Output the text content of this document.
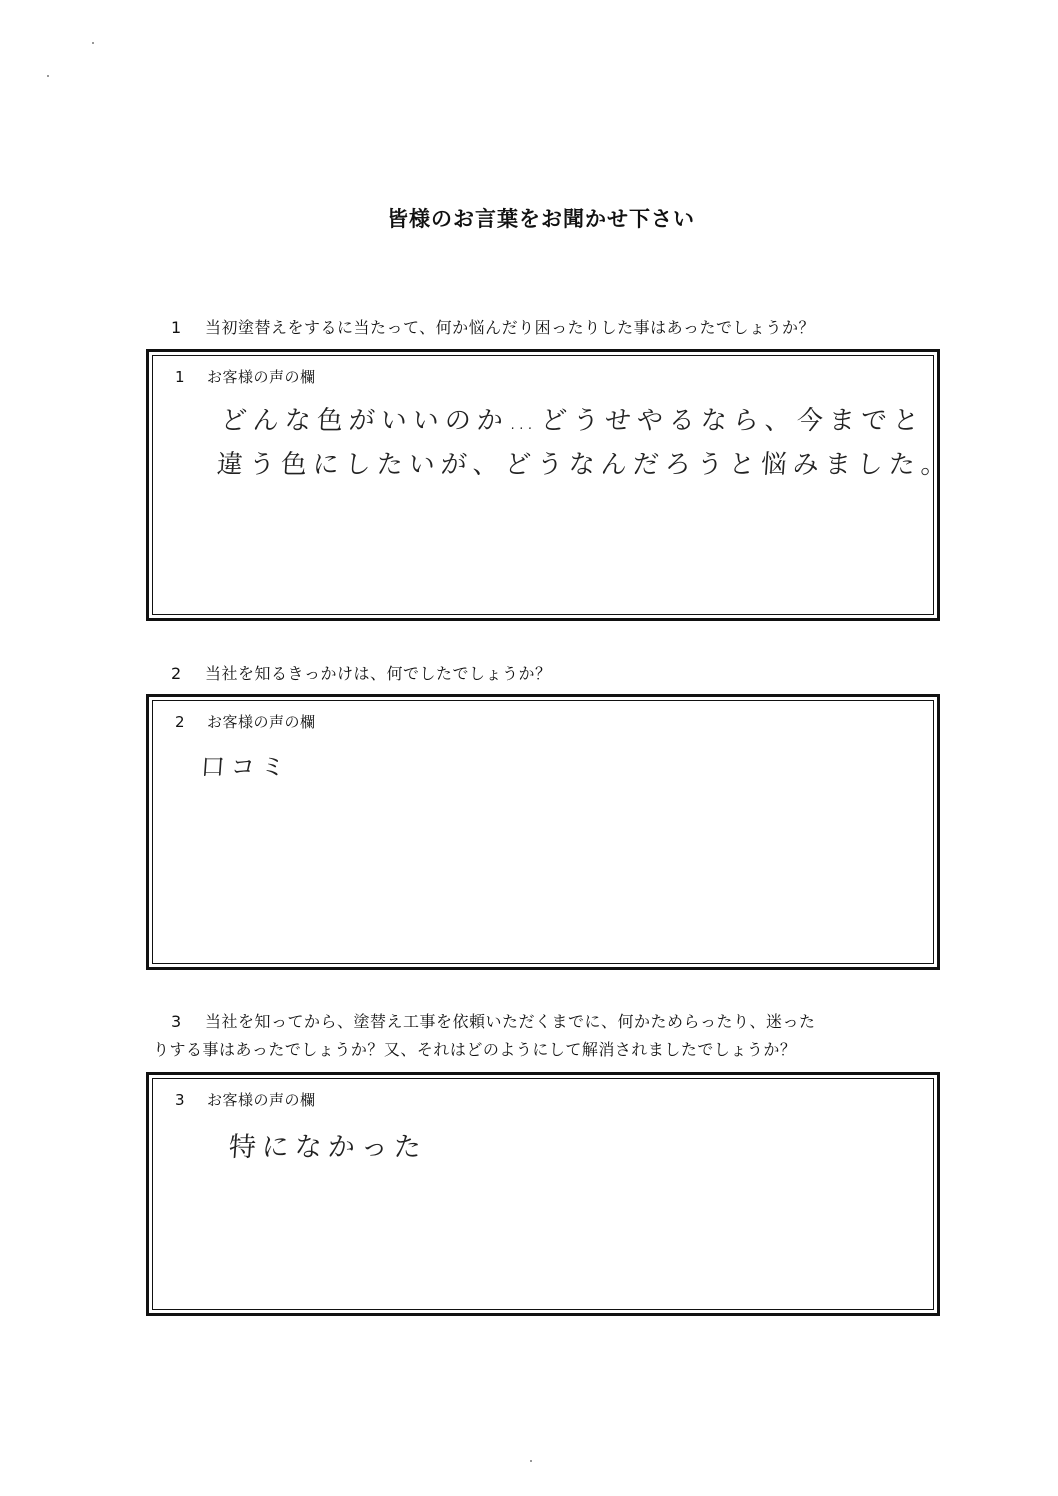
皆様のお言葉をお聞かせ下さい
1 当初塗替えをするに当たって、何か悩んだり困ったりした事はあったでしょうか？
1 お客様の声の欄
どんな色がいいのか…どうせやるなら、今までと
違う色にしたいが、どうなんだろうと悩みました。
2 当社を知るきっかけは、何でしたでしょうか？
2 お客様の声の欄
口コミ
3 当社を知ってから、塗替え工事を依頼いただくまでに、何かためらったり、迷った
りする事はあったでしょうか？又、それはどのようにして解消されましたでしょうか？
3 お客様の声の欄
特になかった
